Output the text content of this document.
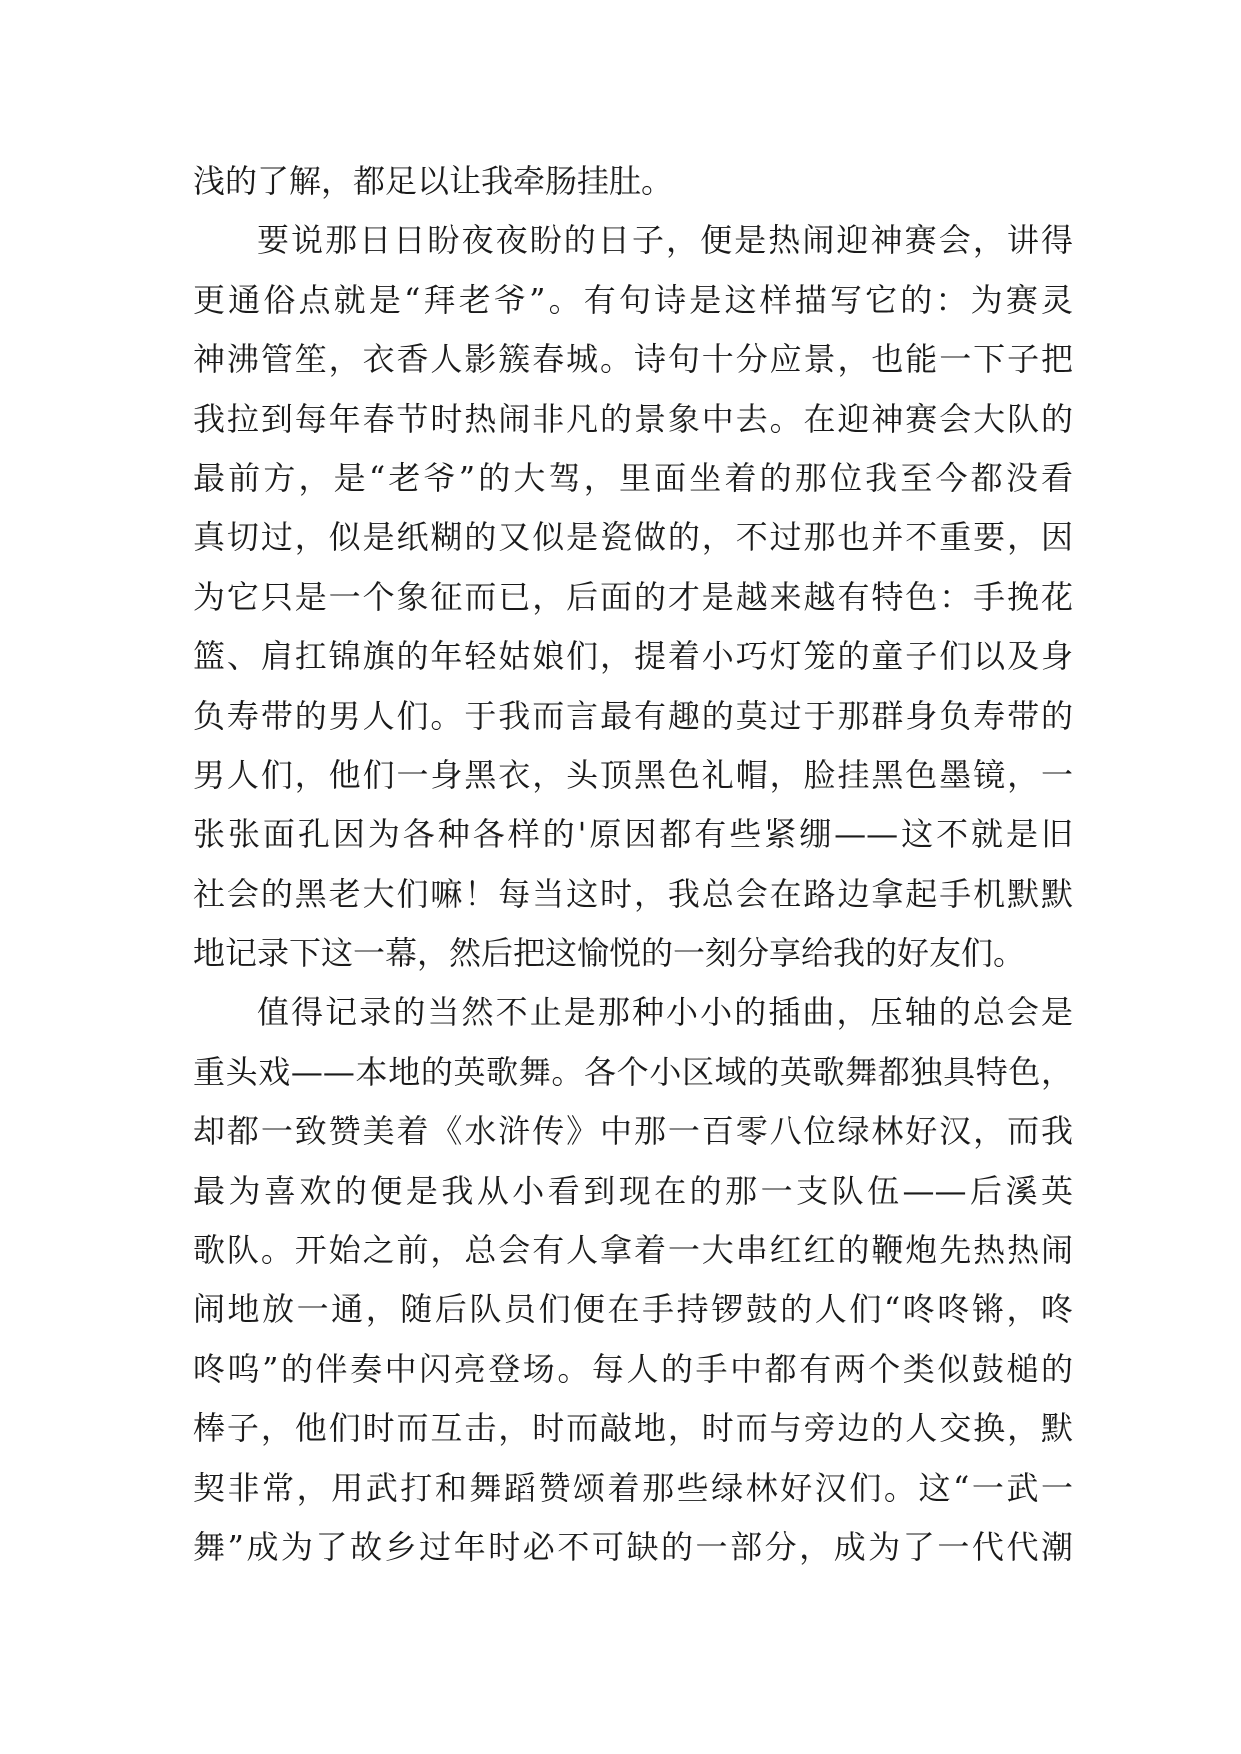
浅的了解，都足以让我牵肠挂肚。
要说那日日盼夜夜盼的日子，便是热闹迎神赛会，讲得
更通俗点就是“拜老爷”。有句诗是这样描写它的：为赛灵
神沸管笙，衣香人影簇春城。诗句十分应景，也能一下子把
我拉到每年春节时热闹非凡的景象中去。在迎神赛会大队的
最前方，是“老爷”的大驾，里面坐着的那位我至今都没看
真切过，似是纸糊的又似是瓷做的，不过那也并不重要，因
为它只是一个象征而已，后面的才是越来越有特色：手挽花
篮、肩扛锦旗的年轻姑娘们，提着小巧灯笼的童子们以及身
负寿带的男人们。于我而言最有趣的莫过于那群身负寿带的
男人们，他们一身黑衣，头顶黑色礼帽，脸挂黑色墨镜，一
张张面孔因为各种各样的'原因都有些紧绷——这不就是旧
社会的黑老大们嘛！每当这时，我总会在路边拿起手机默默
地记录下这一幕，然后把这愉悦的一刻分享给我的好友们。
值得记录的当然不止是那种小小的插曲，压轴的总会是
重头戏——本地的英歌舞。各个小区域的英歌舞都独具特色，
却都一致赞美着《水浒传》中那一百零八位绿林好汉，而我
最为喜欢的便是我从小看到现在的那一支队伍——后溪英
歌队。开始之前，总会有人拿着一大串红红的鞭炮先热热闹
闹地放一通，随后队员们便在手持锣鼓的人们“咚咚锵，咚
咚呜”的伴奏中闪亮登场。每人的手中都有两个类似鼓槌的
棒子，他们时而互击，时而敲地，时而与旁边的人交换，默
契非常，用武打和舞蹈赞颂着那些绿林好汉们。这“一武一
舞”成为了故乡过年时必不可缺的一部分，成为了一代代潮
